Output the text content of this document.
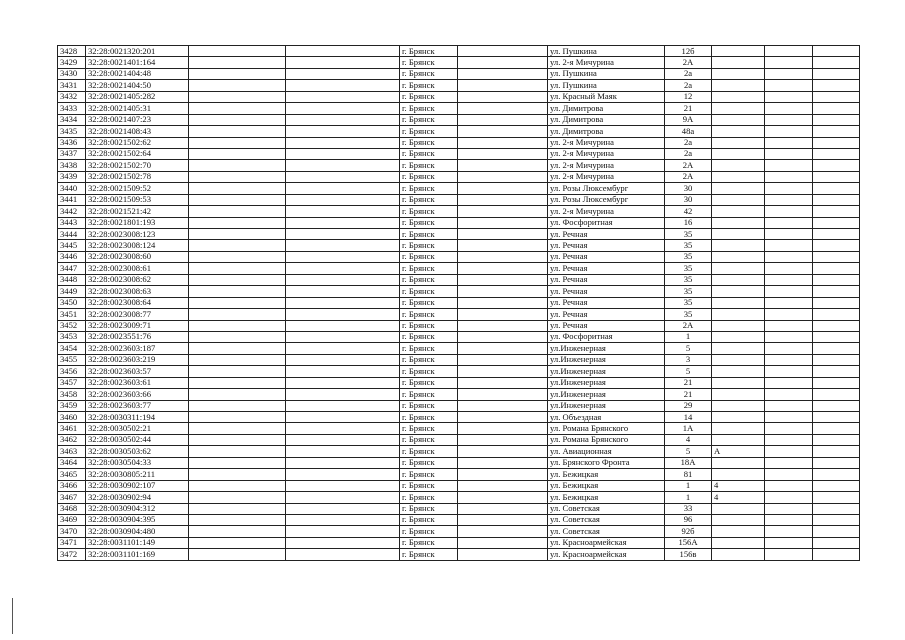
3428	32:28:0021320:201			г. Брянск		ул. Пушкина	12б			
3429	32:28:0021401:164			г. Брянск		ул. 2-я Мичурина	2А			
3430	32:28:0021404:48			г. Брянск		ул. Пушкина	2а			
3431	32:28:0021404:50			г. Брянск		ул. Пушкина	2а			
3432	32:28:0021405:282			г. Брянск		ул. Красный Маяк	12			
3433	32:28:0021405:31			г. Брянск		ул. Димитрова	21			
3434	32:28:0021407:23			г. Брянск		ул. Димитрова	9А			
3435	32:28:0021408:43			г. Брянск		ул. Димитрова	48а			
3436	32:28:0021502:62			г. Брянск		ул. 2-я Мичурина	2а			
3437	32:28:0021502:64			г. Брянск		ул. 2-я Мичурина	2а			
3438	32:28:0021502:70			г. Брянск		ул. 2-я Мичурина	2А			
3439	32:28:0021502:78			г. Брянск		ул. 2-я Мичурина	2А			
3440	32:28:0021509:52			г. Брянск		ул. Розы Люксембург	30			
3441	32:28:0021509:53			г. Брянск		ул. Розы Люксембург	30			
3442	32:28:0021521:42			г. Брянск		ул. 2-я Мичурина	42			
3443	32:28:0021801:193			г. Брянск		ул. Фосфоритная	16			
3444	32:28:0023008:123			г. Брянск		ул. Речная	35			
3445	32:28:0023008:124			г. Брянск		ул. Речная	35			
3446	32:28:0023008:60			г. Брянск		ул. Речная	35			
3447	32:28:0023008:61			г. Брянск		ул. Речная	35			
3448	32:28:0023008:62			г. Брянск		ул. Речная	35			
3449	32:28:0023008:63			г. Брянск		ул. Речная	35			
3450	32:28:0023008:64			г. Брянск		ул. Речная	35			
3451	32:28:0023008:77			г. Брянск		ул. Речная	35			
3452	32:28:0023009:71			г. Брянск		ул. Речная	2А			
3453	32:28:0023551:76			г. Брянск		ул. Фосфоритная	1			
3454	32:28:0023603:187			г. Брянск		ул.Инженерная	5			
3455	32:28:0023603:219			г. Брянск		ул.Инженерная	3			
3456	32:28:0023603:57			г. Брянск		ул.Инженерная	5			
3457	32:28:0023603:61			г. Брянск		ул.Инженерная	21			
3458	32:28:0023603:66			г. Брянск		ул.Инженерная	21			
3459	32:28:0023603:77			г. Брянск		ул.Инженерная	29			
3460	32:28:0030311:194			г. Брянск		ул. Объездная	14			
3461	32:28:0030502:21			г. Брянск		ул. Романа Брянского	1А			
3462	32:28:0030502:44			г. Брянск		ул. Романа Брянского	4			
3463	32:28:0030503:62			г. Брянск		ул. Авиационная	5	А		
3464	32:28:0030504:33			г. Брянск		ул. Брянского Фронта	18А			
3465	32:28:0030805:211			г. Брянск		ул. Бежицкая	81			
3466	32:28:0030902:107			г. Брянск		ул. Бежицкая	1	4		
3467	32:28:0030902:94			г. Брянск		ул. Бежицкая	1	4		
3468	32:28:0030904:312			г. Брянск		ул. Советская	33			
3469	32:28:0030904:395			г. Брянск		ул. Советская	96			
3470	32:28:0030904:480			г. Брянск		ул. Советская	92б			
3471	32:28:0031101:149			г. Брянск		ул. Красноармейская	156А			
3472	32:28:0031101:169			г. Брянск		ул. Красноармейская	156в			
